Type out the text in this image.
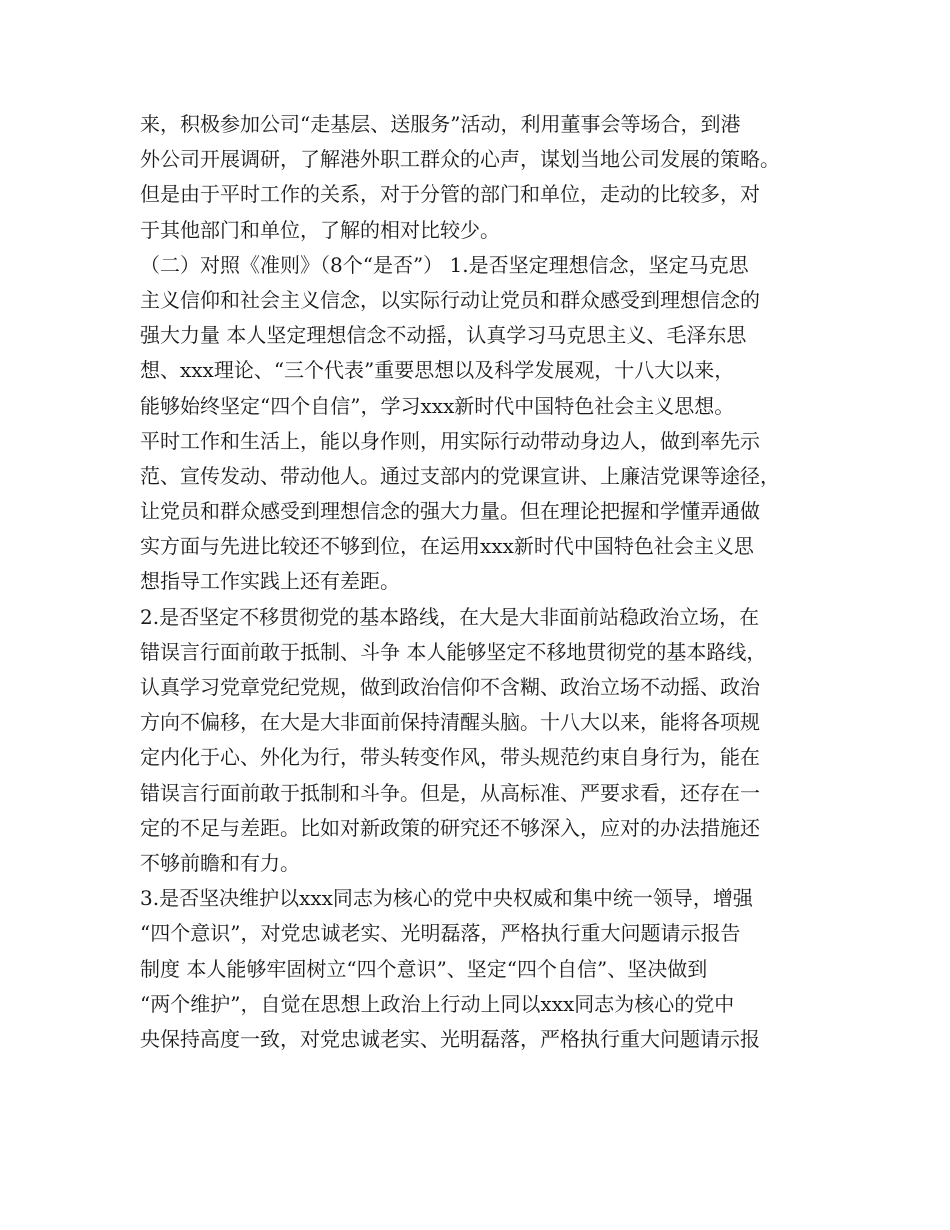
来，积极参加公司“走基层、送服务”活动，利用董事会等场合，到港
外公司开展调研，了解港外职工群众的心声，谋划当地公司发展的策略。
但是由于平时工作的关系，对于分管的部门和单位，走动的比较多，对
于其他部门和单位，了解的相对比较少。
（二）对照《准则》（8个“是否”） 1.是否坚定理想信念，坚定马克思
主义信仰和社会主义信念，以实际行动让党员和群众感受到理想信念的
强大力量 本人坚定理想信念不动摇，认真学习马克思主义、毛泽东思
想、xxx理论、“三个代表”重要思想以及科学发展观，十八大以来，
能够始终坚定“四个自信”，学习xxx新时代中国特色社会主义思想。
平时工作和生活上，能以身作则，用实际行动带动身边人，做到率先示
范、宣传发动、带动他人。通过支部内的党课宣讲、上廉洁党课等途径，
让党员和群众感受到理想信念的强大力量。但在理论把握和学懂弄通做
实方面与先进比较还不够到位，在运用xxx新时代中国特色社会主义思
想指导工作实践上还有差距。
2.是否坚定不移贯彻党的基本路线，在大是大非面前站稳政治立场，在
错误言行面前敢于抵制、斗争 本人能够坚定不移地贯彻党的基本路线，
认真学习党章党纪党规，做到政治信仰不含糊、政治立场不动摇、政治
方向不偏移，在大是大非面前保持清醒头脑。十八大以来，能将各项规
定内化于心、外化为行，带头转变作风，带头规范约束自身行为，能在
错误言行面前敢于抵制和斗争。但是，从高标准、严要求看，还存在一
定的不足与差距。比如对新政策的研究还不够深入，应对的办法措施还
不够前瞻和有力。
3.是否坚决维护以xxx同志为核心的党中央权威和集中统一领导，增强
“四个意识”，对党忠诚老实、光明磊落，严格执行重大问题请示报告
制度 本人能够牢固树立“四个意识”、坚定“四个自信”、坚决做到
“两个维护”，自觉在思想上政治上行动上同以xxx同志为核心的党中
央保持高度一致，对党忠诚老实、光明磊落，严格执行重大问题请示报
